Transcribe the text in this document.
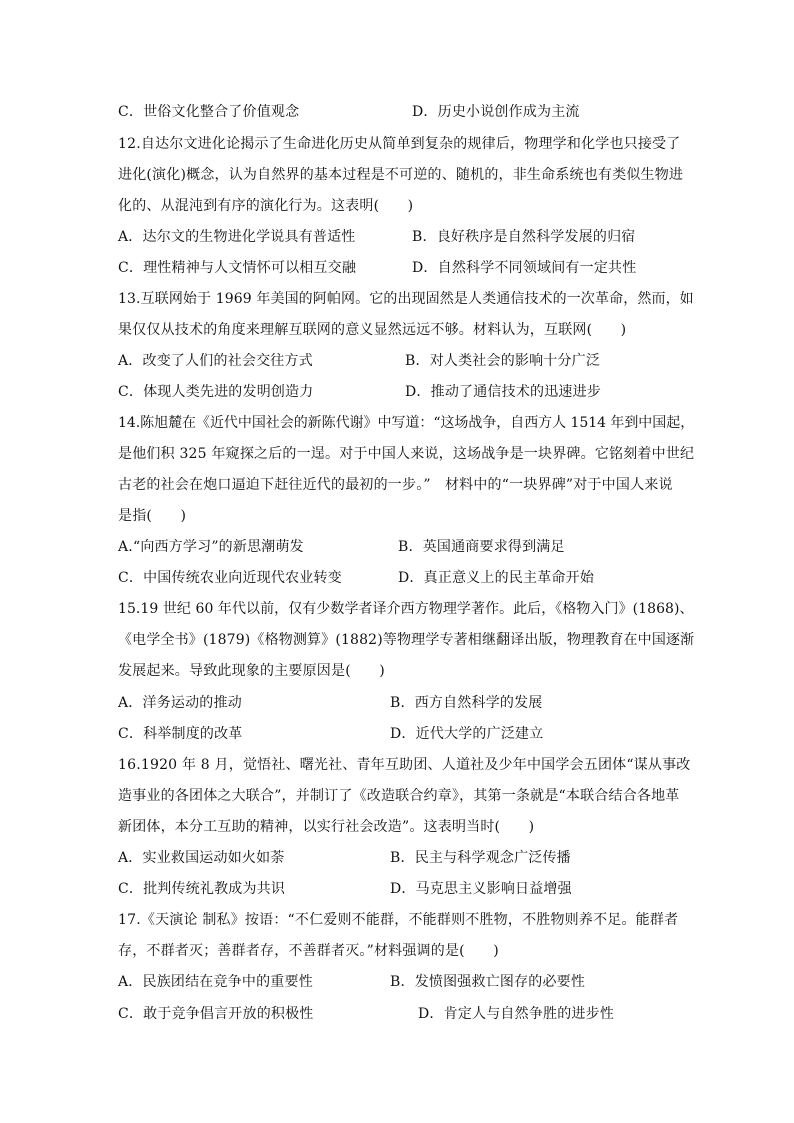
C．世俗文化整合了价值观念	D．历史小说创作成为主流
12.自达尔文进化论揭示了生命进化历史从简单到复杂的规律后，物理学和化学也只接受了
进化(演化)概念，认为自然界的基本过程是不可逆的、随机的，非生命系统也有类似生物进
化的、从混沌到有序的演化行为。这表明(　　)
A．达尔文的生物进化学说具有普适性	B．良好秩序是自然科学发展的归宿
C．理性精神与人文情怀可以相互交融	D．自然科学不同领域间有一定共性
13.互联网始于 1969 年美国的阿帕网。它的出现固然是人类通信技术的一次革命，然而，如
果仅仅从技术的角度来理解互联网的意义显然远远不够。材料认为，互联网(　　)
A．改变了人们的社会交往方式	B．对人类社会的影响十分广泛
C．体现人类先进的发明创造力	D．推动了通信技术的迅速进步
14.陈旭麓在《近代中国社会的新陈代谢》中写道：“这场战争，自西方人 1514 年到中国起，
是他们积 325 年窥探之后的一逞。对于中国人来说，这场战争是一块界碑。它铭刻着中世纪
古老的社会在炮口逼迫下赶往近代的最初的一步。”　材料中的“一块界碑”对于中国人来说
是指(　　)
A.“向西方学习”的新思潮萌发	B．英国通商要求得到满足
C．中国传统农业向近现代农业转变	D．真正意义上的民主革命开始
15.19 世纪 60 年代以前，仅有少数学者译介西方物理学著作。此后，《格物入门》(1868)、
《电学全书》(1879)《格物测算》(1882)等物理学专著相继翻译出版，物理教育在中国逐渐
发展起来。导致此现象的主要原因是(　　)
A．洋务运动的推动	B．西方自然科学的发展
C．科举制度的改革	D．近代大学的广泛建立
16.1920 年 8 月，觉悟社、曙光社、青年互助团、人道社及少年中国学会五团体“谋从事改
造事业的各团体之大联合”，并制订了《改造联合约章》，其第一条就是“本联合结合各地革
新团体，本分工互助的精神，以实行社会改造”。这表明当时(　　)
A．实业救国运动如火如荼	B．民主与科学观念广泛传播
C．批判传统礼教成为共识	D．马克思主义影响日益增强
17.《天演论 制私》按语：“不仁爱则不能群，不能群则不胜物，不胜物则养不足。能群者
存，不群者灭；善群者存，不善群者灭。”材料强调的是(　　)
A．民族团结在竞争中的重要性	B．发愤图强救亡图存的必要性
C．敢于竞争倡言开放的积极性	D．肯定人与自然争胜的进步性
